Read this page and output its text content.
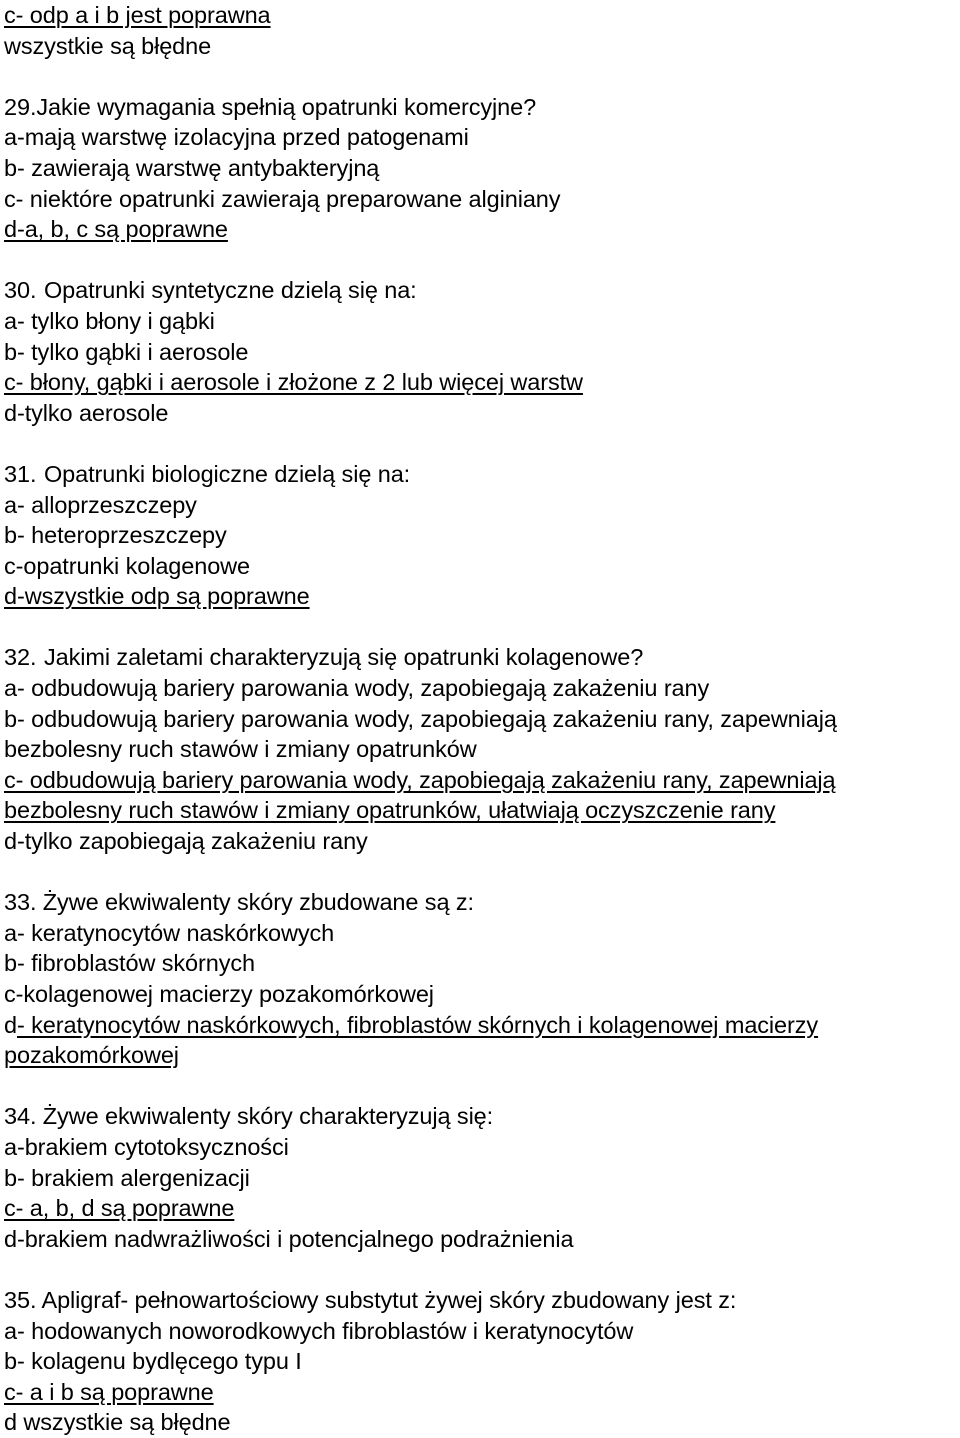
c- odp a i b jest poprawna
wszystkie są błędne
29.Jakie wymagania spełnią opatrunki komercyjne?
a-mają warstwę izolacyjna przed patogenami
b- zawierają warstwę antybakteryjną
c- niektóre opatrunki zawierają preparowane alginiany
d-a, b, c są poprawne
30. Opatrunki syntetyczne dzielą się na:
a- tylko błony i gąbki
b- tylko gąbki i aerosole
c- błony, gąbki i aerosole i złożone z 2 lub więcej warstw
d-tylko aerosole
31. Opatrunki biologiczne dzielą się na:
a- alloprzeszczepy
b- heteroprzeszczepy
c-opatrunki kolagenowe
d-wszystkie odp są poprawne
32. Jakimi zaletami charakteryzują się opatrunki kolagenowe?
a- odbudowują bariery parowania wody, zapobiegają zakażeniu rany
b- odbudowują bariery parowania wody, zapobiegają zakażeniu rany, zapewniają
bezbolesny ruch stawów i zmiany opatrunków
c- odbudowują bariery parowania wody, zapobiegają zakażeniu rany, zapewniają
bezbolesny ruch stawów i zmiany opatrunków, ułatwiają oczyszczenie rany
d-tylko zapobiegają zakażeniu rany
33. Żywe ekwiwalenty skóry zbudowane są z:
a- keratynocytów naskórkowych
b- fibroblastów skórnych
c-kolagenowej macierzy pozakomórkowej
d- keratynocytów naskórkowych, fibroblastów skórnych i kolagenowej macierzy
pozakomórkowej
34. Żywe ekwiwalenty skóry charakteryzują się:
a-brakiem cytotoksyczności
b- brakiem alergenizacji
c- a, b, d są poprawne
d-brakiem nadwrażliwości i potencjalnego podrażnienia
35. Apligraf- pełnowartościowy substytut żywej skóry zbudowany jest z:
a- hodowanych noworodkowych fibroblastów i keratynocytów
b- kolagenu bydlęcego typu I
c- a i b są poprawne
d wszystkie są błędne
